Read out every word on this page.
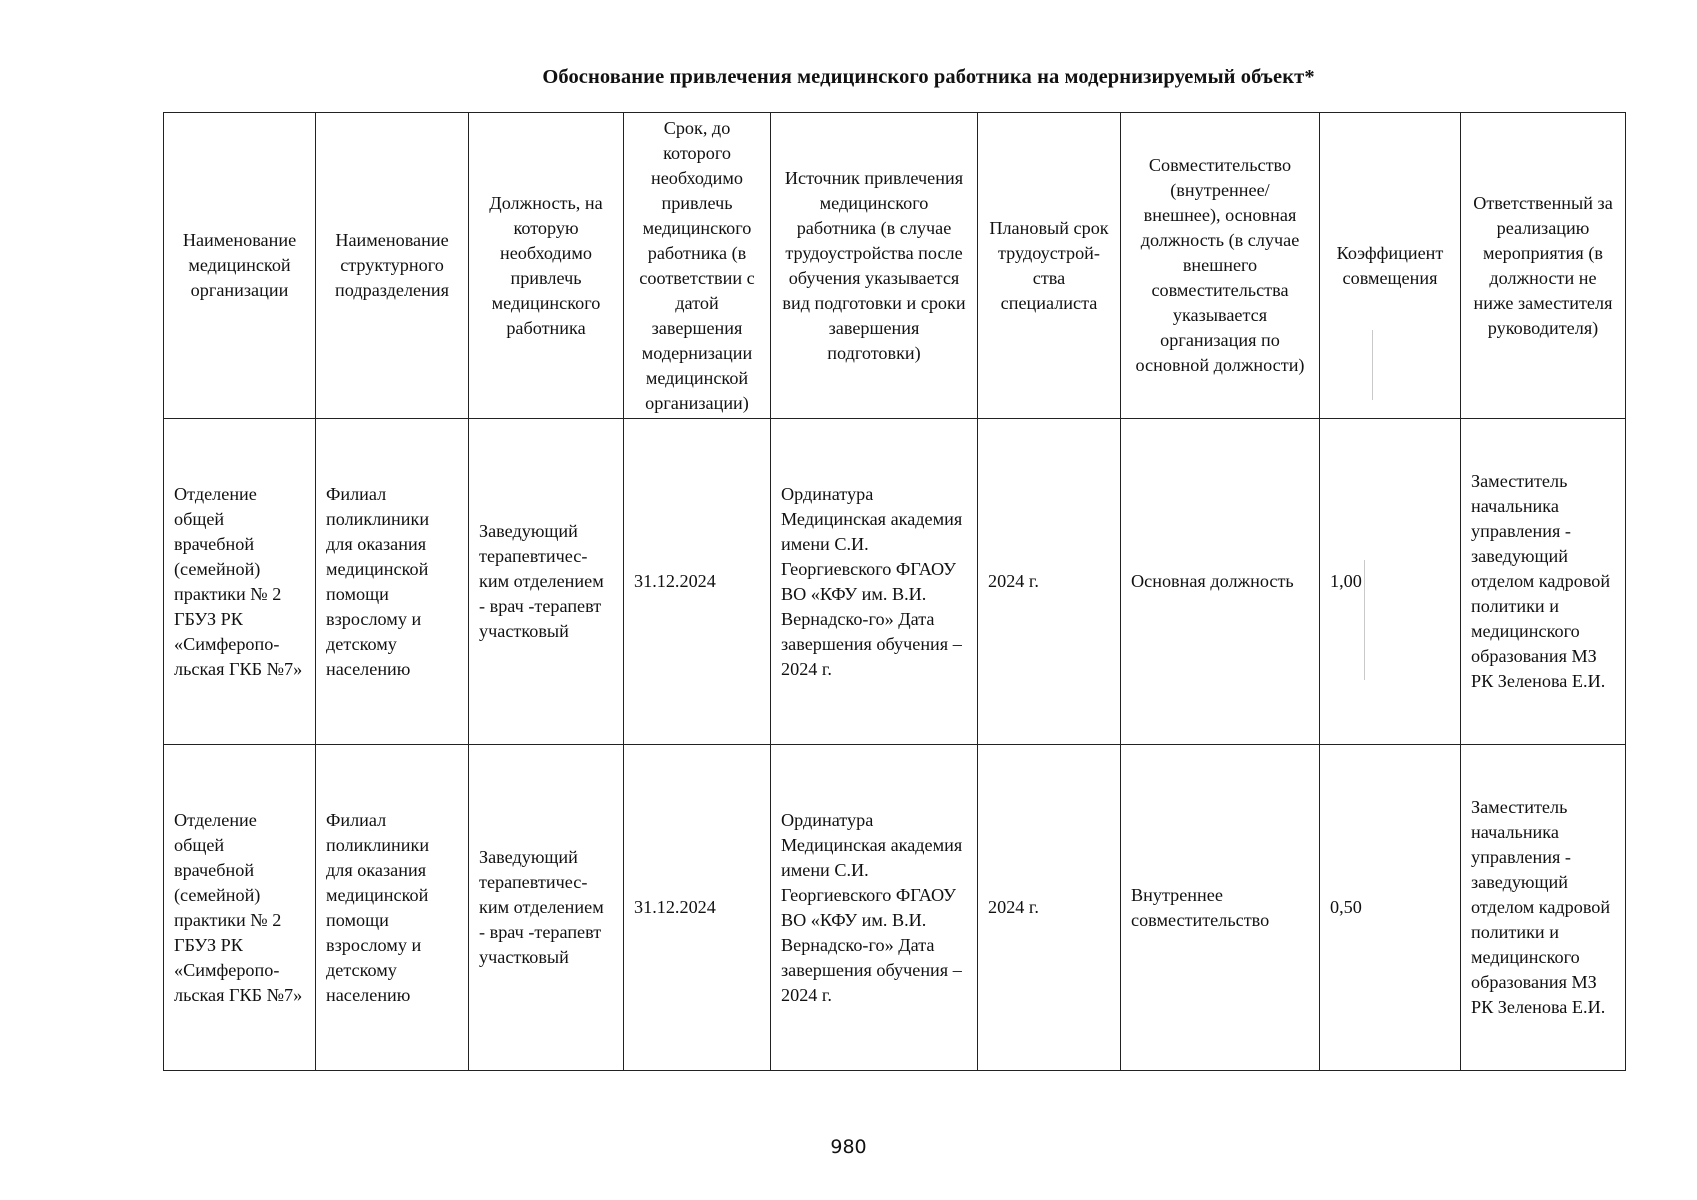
Обоснование привлечения медицинского работника на модернизируемый объект*
Наименование медицинской организации	Наименование структурного подразделения	Должность, на которую необходимо привлечь медицинского работника	Срок, до которого необходимо привлечь медицинского работника (в соответствии с датой завершения модернизации медицинской организации)	Источник привлечения медицинского работника (в случае трудоустройства после обучения указывается вид подготовки и сроки завершения подготовки)	Плановый срок трудоустрой-ства специалиста	Совместительство (внутреннее/ внешнее), основная должность (в случае внешнего совместительства указывается организация по основной должности)	Коэффициент совмещения	Ответственный за реализацию мероприятия (в должности не ниже заместителя руководителя)
Отделение общей врачебной (семейной) практики № 2 ГБУЗ РК «Симферопо-льская ГКБ №7»	Филиал поликлиники для оказания медицинской помощи взрослому и детскому населению	Заведующий терапевтичес-ким отделением - врач -терапевт участковый	31.12.2024	Ординатура Медицинская академия имени С.И. Георгиевского ФГАОУ ВО «КФУ им. В.И. Вернадско-го» Дата завершения обучения – 2024 г.	2024 г.	Основная должность	1,00	Заместитель начальника управления - заведующий отделом кадровой политики и медицинского образования МЗ РК Зеленова Е.И.
Отделение общей врачебной (семейной) практики № 2 ГБУЗ РК «Симферопо-льская ГКБ №7»	Филиал поликлиники для оказания медицинской помощи взрослому и детскому населению	Заведующий терапевтичес-ким отделением - врач -терапевт участковый	31.12.2024	Ординатура Медицинская академия имени С.И. Георгиевского ФГАОУ ВО «КФУ им. В.И. Вернадско-го» Дата завершения обучения – 2024 г.	2024 г.	Внутреннее совместительство	0,50	Заместитель начальника управления - заведующий отделом кадровой политики и медицинского образования МЗ РК Зеленова Е.И.
980
